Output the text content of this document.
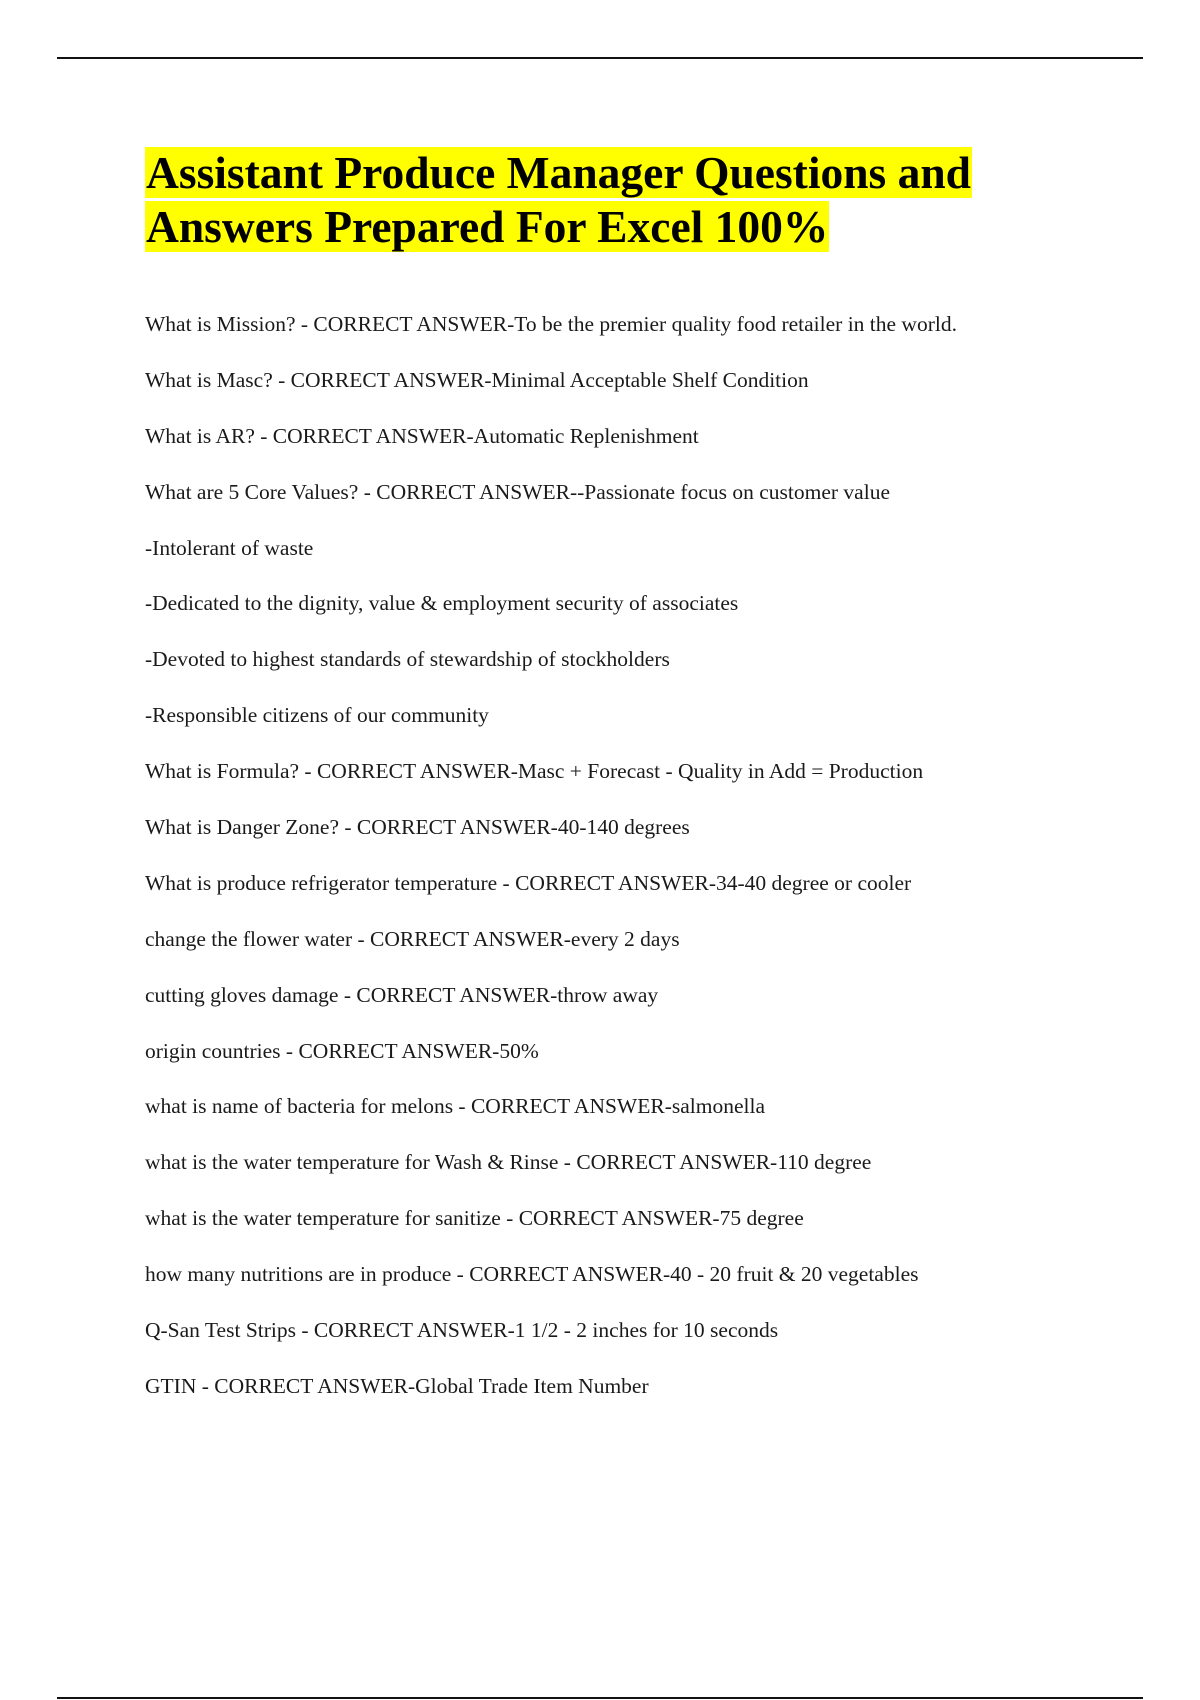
Assistant Produce Manager Questions and
Answers Prepared For Excel 100%
What is Mission? - CORRECT ANSWER-To be the premier quality food retailer in the world.
What is Masc? - CORRECT ANSWER-Minimal Acceptable Shelf Condition
What is AR? - CORRECT ANSWER-Automatic Replenishment
What are 5 Core Values? - CORRECT ANSWER--Passionate focus on customer value
-Intolerant of waste
-Dedicated to the dignity, value & employment security of associates
-Devoted to highest standards of stewardship of stockholders
-Responsible citizens of our community
What is Formula? - CORRECT ANSWER-Masc + Forecast - Quality in Add = Production
What is Danger Zone? - CORRECT ANSWER-40-140 degrees
What is produce refrigerator temperature - CORRECT ANSWER-34-40 degree or cooler
change the flower water - CORRECT ANSWER-every 2 days
cutting gloves damage - CORRECT ANSWER-throw away
origin countries - CORRECT ANSWER-50%
what is name of bacteria for melons - CORRECT ANSWER-salmonella
what is the water temperature for Wash & Rinse - CORRECT ANSWER-110 degree
what is the water temperature for sanitize - CORRECT ANSWER-75 degree
how many nutritions are in produce - CORRECT ANSWER-40 - 20 fruit & 20 vegetables
Q-San Test Strips - CORRECT ANSWER-1 1/2 - 2 inches for 10 seconds
GTIN - CORRECT ANSWER-Global Trade Item Number
